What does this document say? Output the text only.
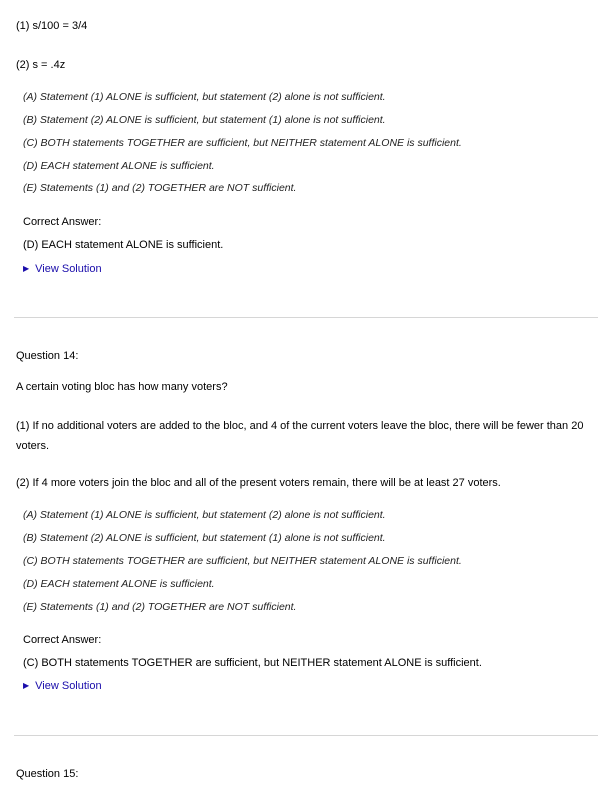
(1) s/100 = 3/4
(2) s = .4z
(A) Statement (1) ALONE is sufficient, but statement (2) alone is not sufficient.
(B) Statement (2) ALONE is sufficient, but statement (1) alone is not sufficient.
(C) BOTH statements TOGETHER are sufficient, but NEITHER statement ALONE is sufficient.
(D) EACH statement ALONE is sufficient.
(E) Statements (1) and (2) TOGETHER are NOT sufficient.
Correct Answer:
(D) EACH statement ALONE is sufficient.
▶ View Solution
Question 14:
A certain voting bloc has how many voters?
(1) If no additional voters are added to the bloc, and 4 of the current voters leave the bloc, there will be fewer than 20 voters.
(2) If 4 more voters join the bloc and all of the present voters remain, there will be at least 27 voters.
(A) Statement (1) ALONE is sufficient, but statement (2) alone is not sufficient.
(B) Statement (2) ALONE is sufficient, but statement (1) alone is not sufficient.
(C) BOTH statements TOGETHER are sufficient, but NEITHER statement ALONE is sufficient.
(D) EACH statement ALONE is sufficient.
(E) Statements (1) and (2) TOGETHER are NOT sufficient.
Correct Answer:
(C) BOTH statements TOGETHER are sufficient, but NEITHER statement ALONE is sufficient.
▶ View Solution
Question 15:
